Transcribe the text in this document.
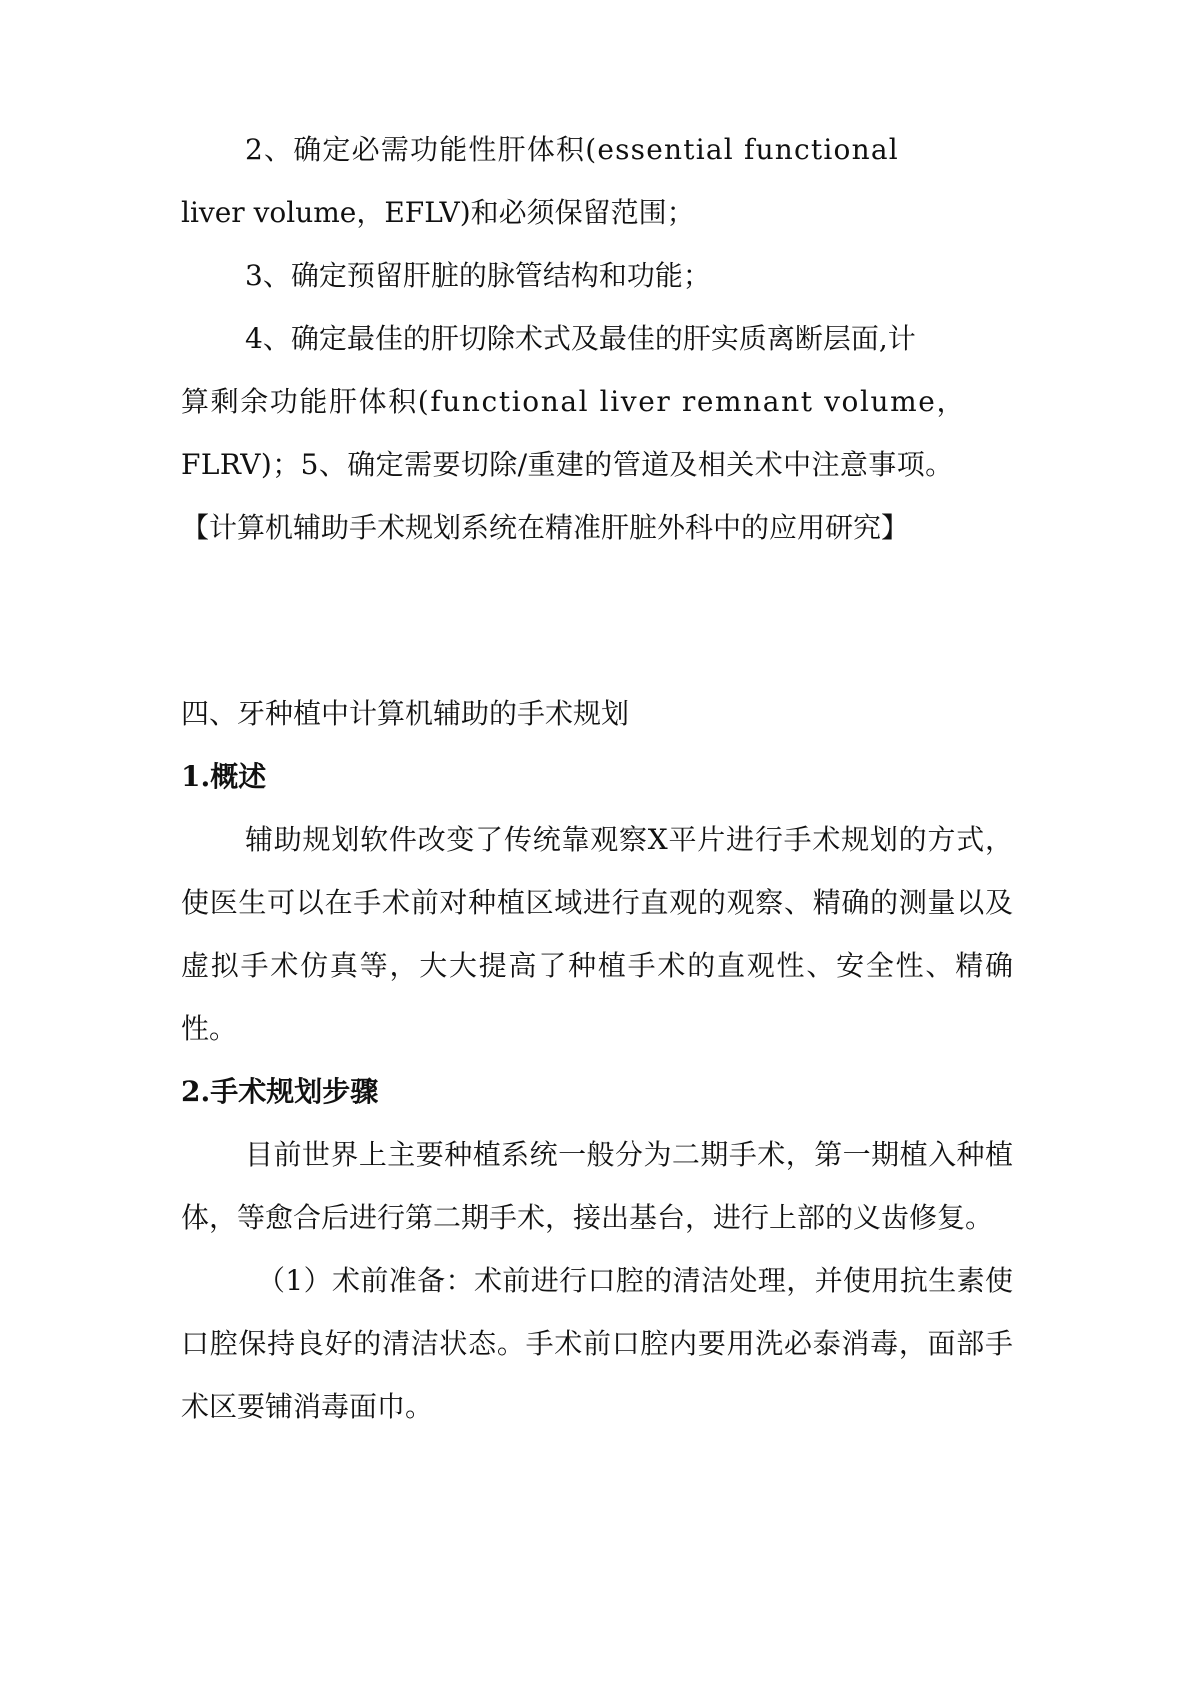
2、确定必需功能性肝体积(essential functional

liver volume，EFLV)和必须保留范围；

3、确定预留肝脏的脉管结构和功能；

4、确定最佳的肝切除术式及最佳的肝实质离断层面,计

算剩余功能肝体积(functional liver remnant volume，

FLRV)；5、确定需要切除/重建的管道及相关术中注意事项。

【计算机辅助手术规划系统在精准肝脏外科中的应用研究】

四、牙种植中计算机辅助的手术规划

1.概述

辅助规划软件改变了传统靠观察X平片进行手术规划的方式，使医生可以在手术前对种植区域进行直观的观察、精确的测量以及虚拟手术仿真等，大大提高了种植手术的直观性、安全性、精确性。

2.手术规划步骤

目前世界上主要种植系统一般分为二期手术，第一期植入种植体，等愈合后进行第二期手术，接出基台，进行上部的义齿修复。

（1）术前准备：术前进行口腔的清洁处理，并使用抗生素使口腔保持良好的清洁状态。手术前口腔内要用洗必泰消毒，面部手术区要铺消毒面巾。
